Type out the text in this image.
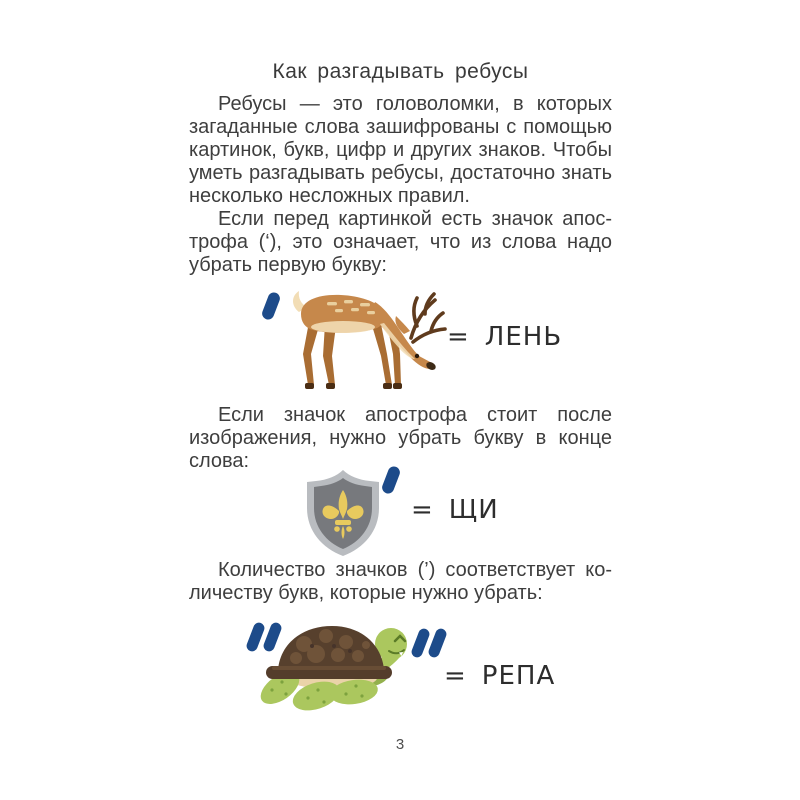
Как разгадывать ребусы
Ребусы — это головоломки, в которых
загаданные слова зашифрованы с помощью
картинок, букв, цифр и других знаков. Чтобы
уметь разгадывать ребусы, достаточно знать
несколько несложных правил.
Если перед картинкой есть значок апос-
трофа (‘), это означает, что из слова надо
убрать первую букву:
= ЛЕНЬ
Если значок апострофа стоит после
изображения, нужно убрать букву в конце
слова:
= ЩИ
Количество значков (’) соответствует ко-
личеству букв, которые нужно убрать:
= РЕПА
3
